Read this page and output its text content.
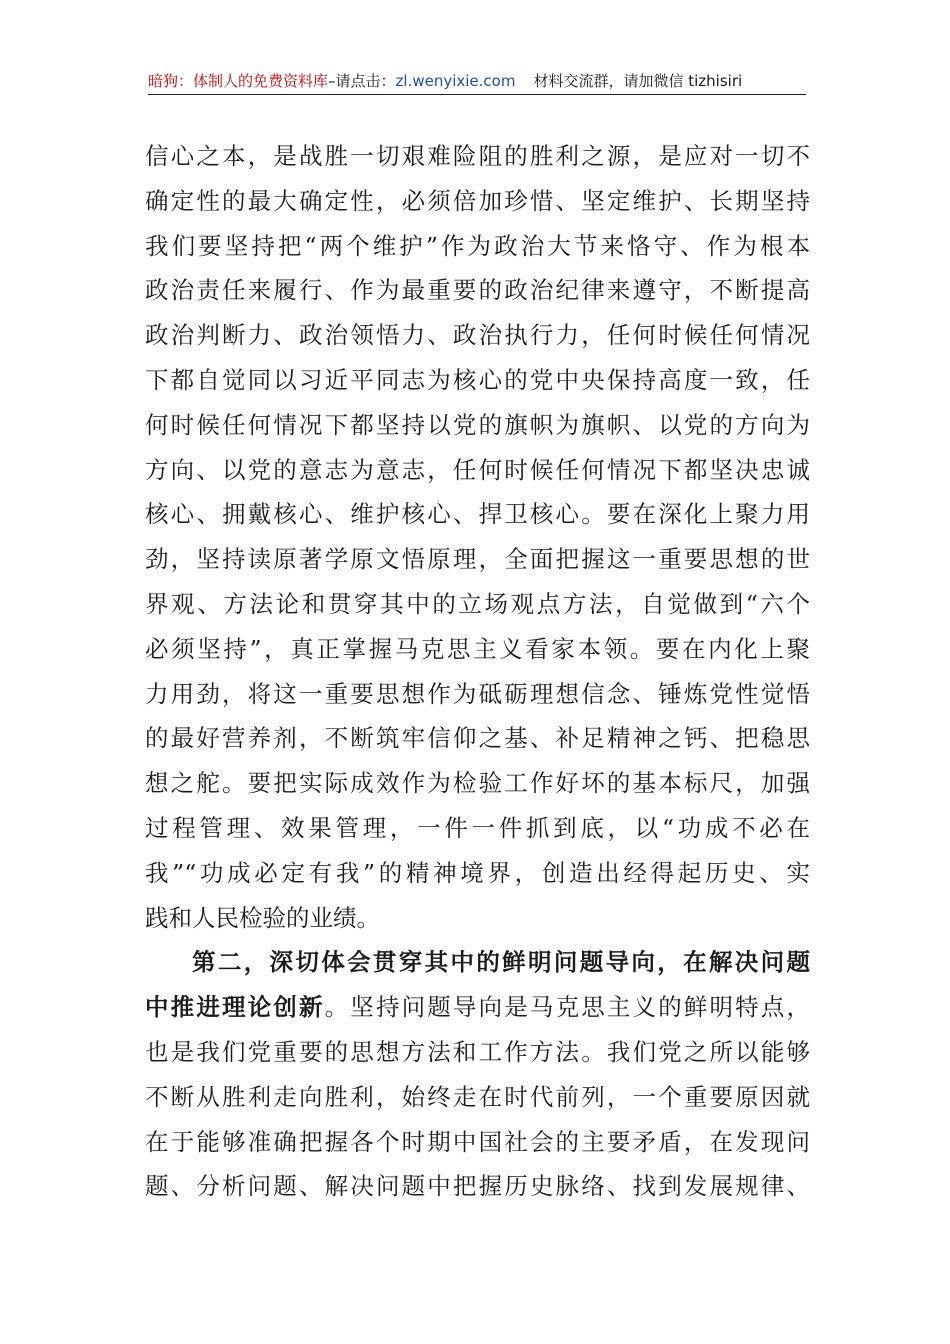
暗狗：体制人的免费资料库–请点击：zl.wenyixie.com 材料交流群，请加微信 tizhisiri
信心之本，是战胜一切艰难险阻的胜利之源，是应对一切不
确定性的最大确定性，必须倍加珍惜、坚定维护、长期坚持
我们要坚持把“两个维护”作为政治大节来恪守、作为根本
政治责任来履行、作为最重要的政治纪律来遵守，不断提高
政治判断力、政治领悟力、政治执行力，任何时候任何情况
下都自觉同以习近平同志为核心的党中央保持高度一致，任
何时候任何情况下都坚持以党的旗帜为旗帜、以党的方向为
方向、以党的意志为意志，任何时候任何情况下都坚决忠诚
核心、拥戴核心、维护核心、捍卫核心。要在深化上聚力用
劲，坚持读原著学原文悟原理，全面把握这一重要思想的世
界观、方法论和贯穿其中的立场观点方法，自觉做到“六个
必须坚持”，真正掌握马克思主义看家本领。要在内化上聚
力用劲，将这一重要思想作为砥砺理想信念、锤炼党性觉悟
的最好营养剂，不断筑牢信仰之基、补足精神之钙、把稳思
想之舵。要把实际成效作为检验工作好坏的基本标尺，加强
过程管理、效果管理，一件一件抓到底，以“功成不必在
我”“功成必定有我”的精神境界，创造出经得起历史、实
践和人民检验的业绩。
第二，深切体会贯穿其中的鲜明问题导向，在解决问题
中推进理论创新。坚持问题导向是马克思主义的鲜明特点，
也是我们党重要的思想方法和工作方法。我们党之所以能够
不断从胜利走向胜利，始终走在时代前列，一个重要原因就
在于能够准确把握各个时期中国社会的主要矛盾，在发现问
题、分析问题、解决问题中把握历史脉络、找到发展规律、
